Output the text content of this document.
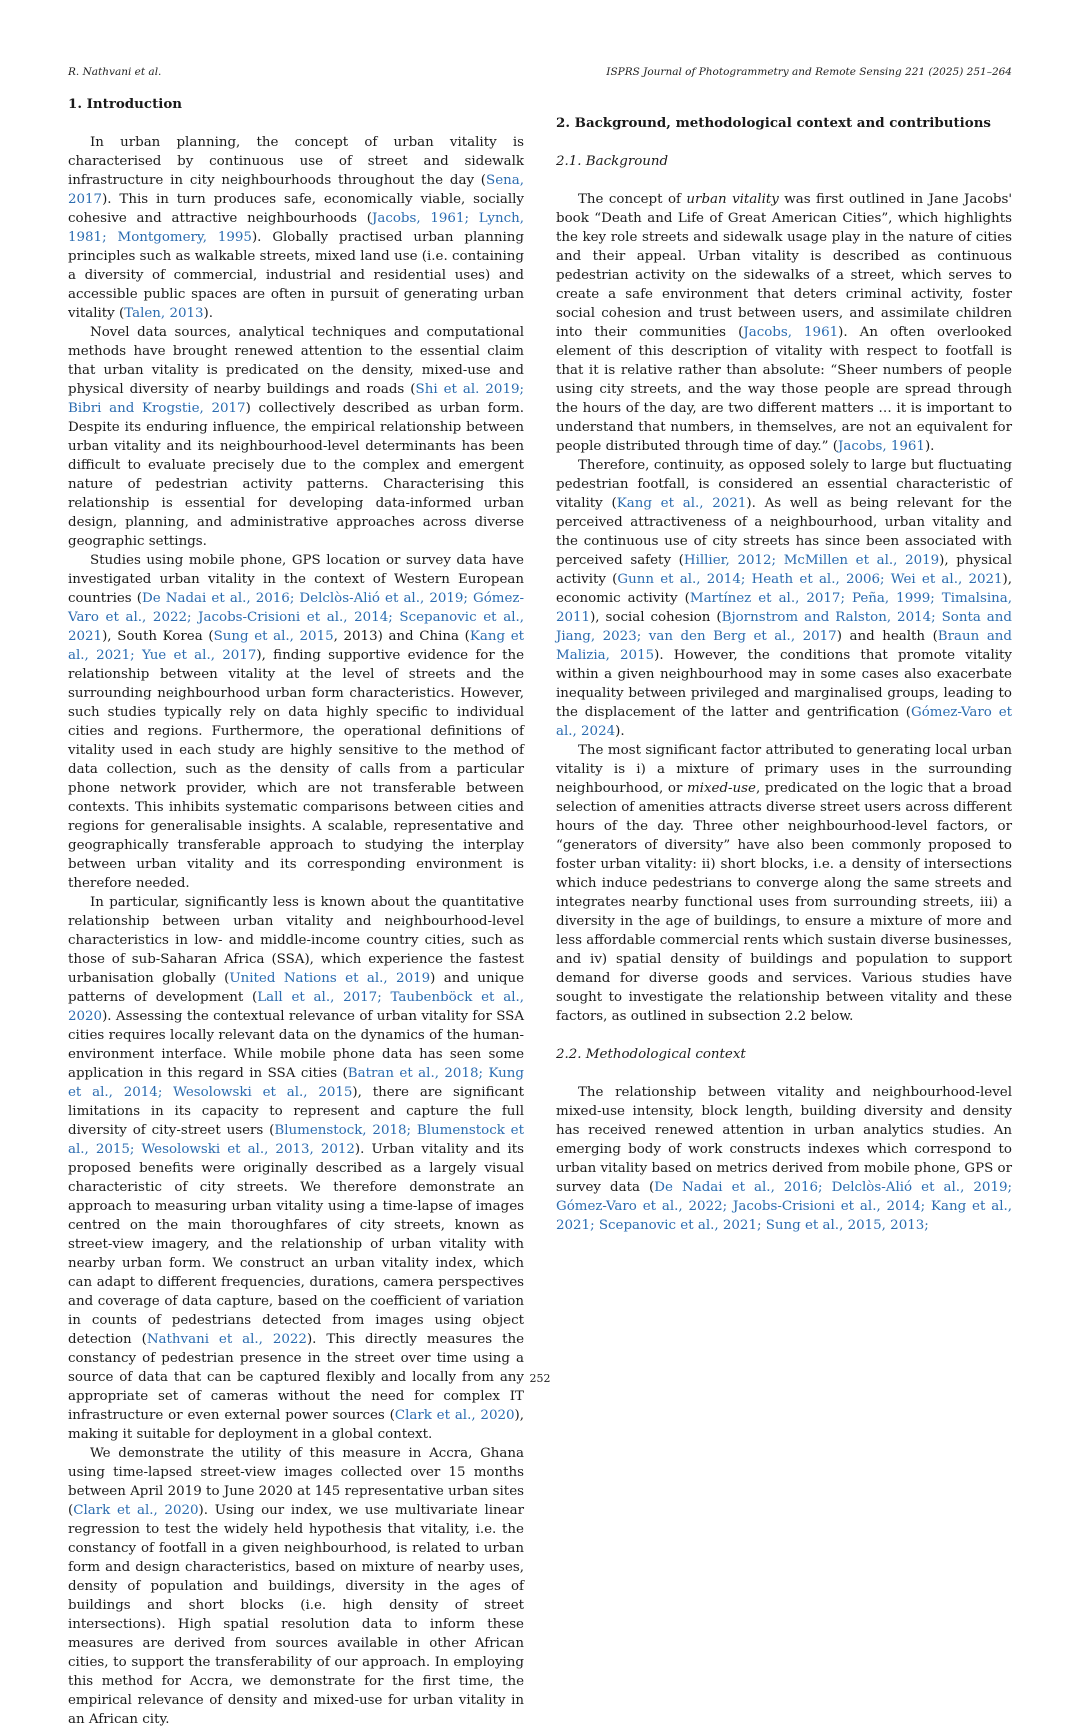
R. Nathvani et al.	ISPRS Journal of Photogrammetry and Remote Sensing 221 (2025) 251–264
1. Introduction

In urban planning, the concept of urban vitality is characterised by continuous use of street and sidewalk infrastructure in city neighbourhoods throughout the day (Sena, 2017). This in turn produces safe, economically viable, socially cohesive and attractive neighbourhoods (Jacobs, 1961; Lynch, 1981; Montgomery, 1995). Globally practised urban planning principles such as walkable streets, mixed land use (i.e. containing a diversity of commercial, industrial and residential uses) and accessible public spaces are often in pursuit of generating urban vitality (Talen, 2013).

Novel data sources, analytical techniques and computational methods have brought renewed attention to the essential claim that urban vitality is predicated on the density, mixed-use and physical diversity of nearby buildings and roads (Shi et al. 2019; Bibri and Krogstie, 2017) collectively described as urban form. Despite its enduring influence, the empirical relationship between urban vitality and its neighbourhood-level determinants has been difficult to evaluate precisely due to the complex and emergent nature of pedestrian activity patterns. Characterising this relationship is essential for developing data-informed urban design, planning, and administrative approaches across diverse geographic settings.

Studies using mobile phone, GPS location or survey data have investigated urban vitality in the context of Western European countries (De Nadai et al., 2016; Delclòs-Alió et al., 2019; Gómez-Varo et al., 2022; Jacobs-Crisioni et al., 2014; Scepanovic et al., 2021), South Korea (Sung et al., 2015, 2013) and China (Kang et al., 2021; Yue et al., 2017), finding supportive evidence for the relationship between vitality at the level of streets and the surrounding neighbourhood urban form characteristics. However, such studies typically rely on data highly specific to individual cities and regions. Furthermore, the operational definitions of vitality used in each study are highly sensitive to the method of data collection, such as the density of calls from a particular phone network provider, which are not transferable between contexts. This inhibits systematic comparisons between cities and regions for generalisable insights. A scalable, representative and geographically transferable approach to studying the interplay between urban vitality and its corresponding environment is therefore needed.

In particular, significantly less is known about the quantitative relationship between urban vitality and neighbourhood-level characteristics in low- and middle-income country cities, such as those of sub-Saharan Africa (SSA), which experience the fastest urbanisation globally (United Nations et al., 2019) and unique patterns of development (Lall et al., 2017; Taubenböck et al., 2020). Assessing the contextual relevance of urban vitality for SSA cities requires locally relevant data on the dynamics of the human-environment interface. While mobile phone data has seen some application in this regard in SSA cities (Batran et al., 2018; Kung et al., 2014; Wesolowski et al., 2015), there are significant limitations in its capacity to represent and capture the full diversity of city-street users (Blumenstock, 2018; Blumenstock et al., 2015; Wesolowski et al., 2013, 2012). Urban vitality and its proposed benefits were originally described as a largely visual characteristic of city streets. We therefore demonstrate an approach to measuring urban vitality using a time-lapse of images centred on the main thoroughfares of city streets, known as street-view imagery, and the relationship of urban vitality with nearby urban form. We construct an urban vitality index, which can adapt to different frequencies, durations, camera perspectives and coverage of data capture, based on the coefficient of variation in counts of pedestrians detected from images using object detection (Nathvani et al., 2022). This directly measures the constancy of pedestrian presence in the street over time using a source of data that can be captured flexibly and locally from any appropriate set of cameras without the need for complex IT infrastructure or even external power sources (Clark et al., 2020), making it suitable for deployment in a global context.

We demonstrate the utility of this measure in Accra, Ghana using time-lapsed street-view images collected over 15 months between April 2019 to June 2020 at 145 representative urban sites (Clark et al., 2020). Using our index, we use multivariate linear regression to test the widely held hypothesis that vitality, i.e. the constancy of footfall in a given neighbourhood, is related to urban form and design characteristics, based on mixture of nearby uses, density of population and buildings, diversity in the ages of buildings and short blocks (i.e. high density of street intersections). High spatial resolution data to inform these measures are derived from sources available in other African cities, to support the transferability of our approach. In employing this method for Accra, we demonstrate for the first time, the empirical relevance of density and mixed-use for urban vitality in an African city.

2. Background, methodological context and contributions
2.1. Background

The concept of urban vitality was first outlined in Jane Jacobs' book “Death and Life of Great American Cities”, which highlights the key role streets and sidewalk usage play in the nature of cities and their appeal. Urban vitality is described as continuous pedestrian activity on the sidewalks of a street, which serves to create a safe environment that deters criminal activity, foster social cohesion and trust between users, and assimilate children into their communities (Jacobs, 1961). An often overlooked element of this description of vitality with respect to footfall is that it is relative rather than absolute: “Sheer numbers of people using city streets, and the way those people are spread through the hours of the day, are two different matters … it is important to understand that numbers, in themselves, are not an equivalent for people distributed through time of day.” (Jacobs, 1961).

Therefore, continuity, as opposed solely to large but fluctuating pedestrian footfall, is considered an essential characteristic of vitality (Kang et al., 2021). As well as being relevant for the perceived attractiveness of a neighbourhood, urban vitality and the continuous use of city streets has since been associated with perceived safety (Hillier, 2012; McMillen et al., 2019), physical activity (Gunn et al., 2014; Heath et al., 2006; Wei et al., 2021), economic activity (Martínez et al., 2017; Peña, 1999; Timalsina, 2011), social cohesion (Bjornstrom and Ralston, 2014; Sonta and Jiang, 2023; van den Berg et al., 2017) and health (Braun and Malizia, 2015). However, the conditions that promote vitality within a given neighbourhood may in some cases also exacerbate inequality between privileged and marginalised groups, leading to the displacement of the latter and gentrification (Gómez-Varo et al., 2024).

The most significant factor attributed to generating local urban vitality is i) a mixture of primary uses in the surrounding neighbourhood, or mixed-use, predicated on the logic that a broad selection of amenities attracts diverse street users across different hours of the day. Three other neighbourhood-level factors, or “generators of diversity” have also been commonly proposed to foster urban vitality: ii) short blocks, i.e. a density of intersections which induce pedestrians to converge along the same streets and integrates nearby functional uses from surrounding streets, iii) a diversity in the age of buildings, to ensure a mixture of more and less affordable commercial rents which sustain diverse businesses, and iv) spatial density of buildings and population to support demand for diverse goods and services. Various studies have sought to investigate the relationship between vitality and these factors, as outlined in subsection 2.2 below.

2.2. Methodological context

The relationship between vitality and neighbourhood-level mixed-use intensity, block length, building diversity and density has received renewed attention in urban analytics studies. An emerging body of work constructs indexes which correspond to urban vitality based on metrics derived from mobile phone, GPS or survey data (De Nadai et al., 2016; Delclòs-Alió et al., 2019; Gómez-Varo et al., 2022; Jacobs-Crisioni et al., 2014; Kang et al., 2021; Scepanovic et al., 2021; Sung et al., 2015, 2013;

252
